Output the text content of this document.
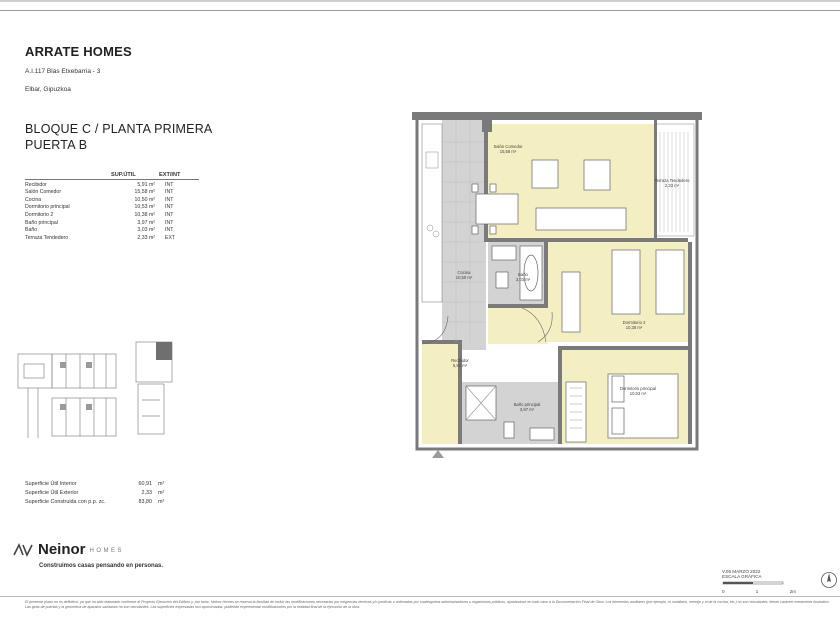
ARRATE HOMES
A.I.117 Blas Etxebarria - 3
Elbar, Gipuzkoa
BLOQUE C / PLANTA PRIMERA
PUERTA B
	SUP.ÚTIL	EXT/INT
Recibidor	5,91 m²	INT
Salón Comedor	15,58 m²	INT
Cocina	10,50 m²	INT
Dormitorio principal	10,53 m²	INT
Dormitorio 2	10,38 m²	INT
Baño principal	3,97 m²	INT
Baño	3,03 m²	INT
Terraza Tendedero	2,33 m²	EXT
Superficie Útil Interior	60,91	m²
Superficie Útil Exterior	2,33	m²
Superficie Construida con p.p. zc.	83,80	m²
Salón Comedor
15,58 m²
Terraza Tendedero
2,33 m²
Cocina
10,50 m²
Baño
3,03 m²
Dormitorio 2
10,38 m²
Recibidor
5,91 m²
Baño principal
3,97 m²
Dormitorio principal
10,53 m²
Neinor HOMES
Construimos casas pensando en personas.
V.05 MARZO 2022
ESCALA GRÁFICA
0	1	2m
El presente plano no es definitivo, ya que ha sido elaborado conforme al Proyecto Ejecución del Edificio y, por tanto, Neinor Homes se reserva la facultad de incluir las modificaciones necesarias por exigencias técnicas y/o jurídicas u ordenadas por cualesquiera administraciones u organismos públicos, ajustándose en todo caso a la Documentación Final de Obra. Los elementos auxiliares (por ejemplo, el mobiliario, menaje y el de la cocina, etc.) no son vinculantes, tienen carácter meramente ilustrativo. Las girás de puertas y la geometría de aparatos sanitarios no son vinculantes. Las superficies expresadas son aproximadas, pudiendo experimentar modificaciones por la realidad final de la ejecución de la obra.
